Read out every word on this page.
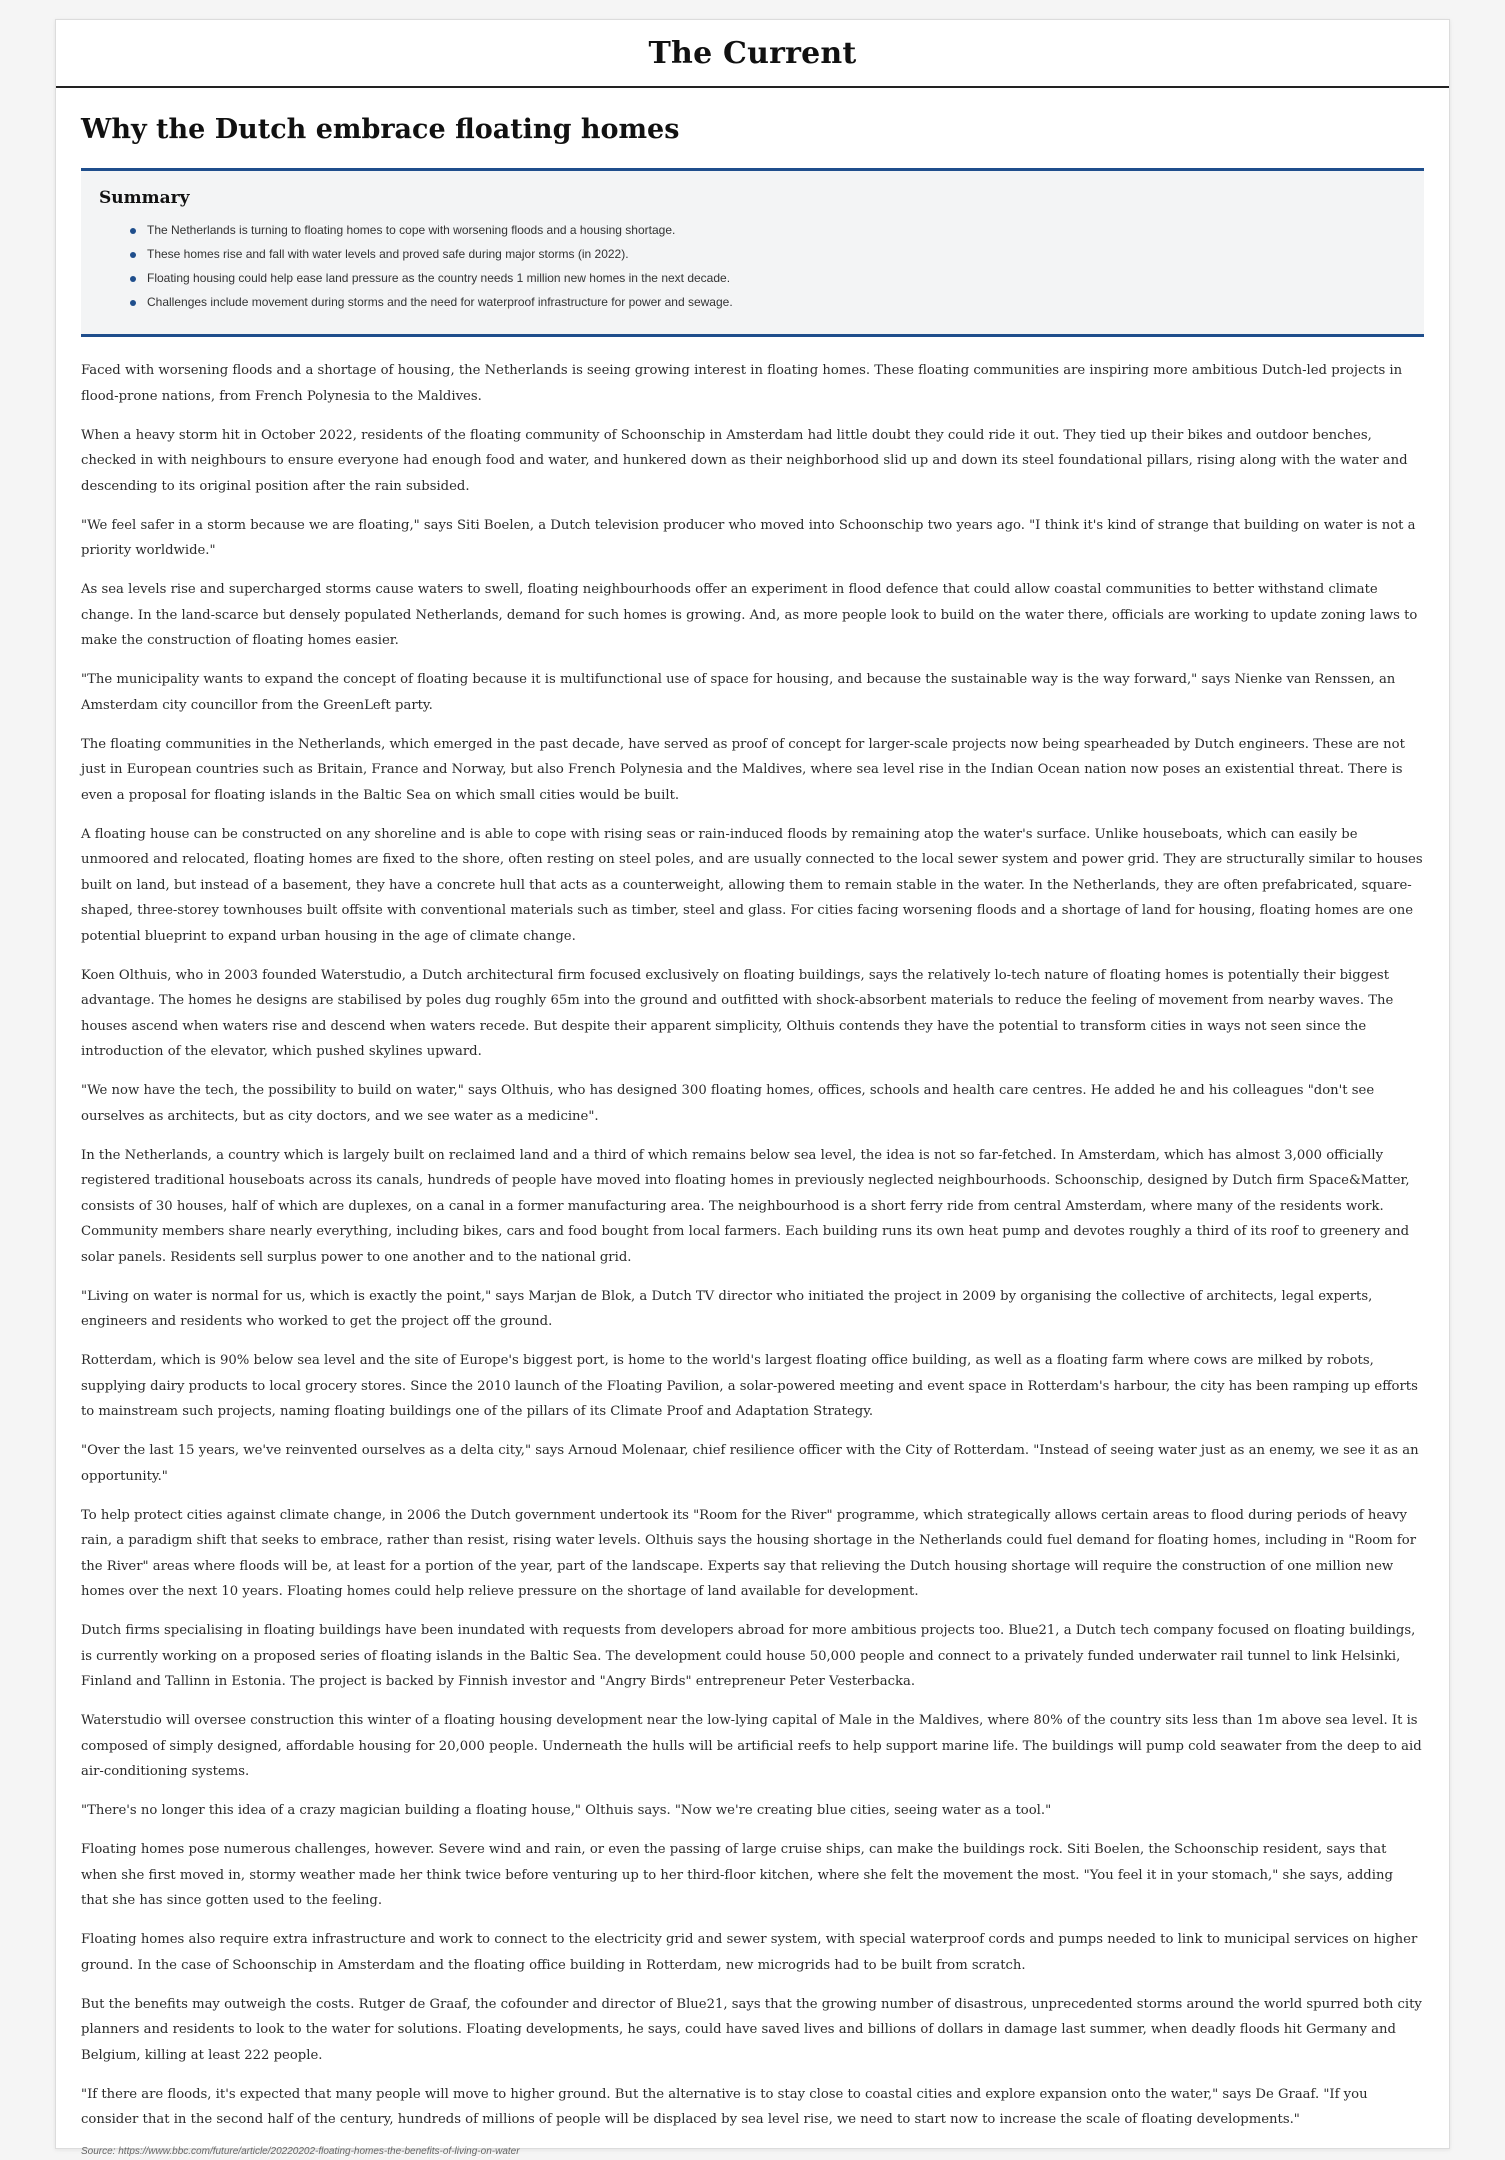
The Current
Why the Dutch embrace floating homes
Summary
The Netherlands is turning to floating homes to cope with worsening floods and a housing shortage.
These homes rise and fall with water levels and proved safe during major storms (in 2022).
Floating housing could help ease land pressure as the country needs 1 million new homes in the next decade.
Challenges include movement during storms and the need for waterproof infrastructure for power and sewage.

Faced with worsening floods and a shortage of housing, the Netherlands is seeing growing interest in floating homes. These floating communities are inspiring more ambitious Dutch-led projects in flood-prone nations, from French Polynesia to the Maldives.

When a heavy storm hit in October 2022, residents of the floating community of Schoonschip in Amsterdam had little doubt they could ride it out. They tied up their bikes and outdoor benches, checked in with neighbours to ensure everyone had enough food and water, and hunkered down as their neighborhood slid up and down its steel foundational pillars, rising along with the water and descending to its original position after the rain subsided.

"We feel safer in a storm because we are floating," says Siti Boelen, a Dutch television producer who moved into Schoonschip two years ago. "I think it's kind of strange that building on water is not a priority worldwide."

As sea levels rise and supercharged storms cause waters to swell, floating neighbourhoods offer an experiment in flood defence that could allow coastal communities to better withstand climate change. In the land-scarce but densely populated Netherlands, demand for such homes is growing. And, as more people look to build on the water there, officials are working to update zoning laws to make the construction of floating homes easier.

"The municipality wants to expand the concept of floating because it is multifunctional use of space for housing, and because the sustainable way is the way forward," says Nienke van Renssen, an Amsterdam city councillor from the GreenLeft party.

The floating communities in the Netherlands, which emerged in the past decade, have served as proof of concept for larger-scale projects now being spearheaded by Dutch engineers. These are not just in European countries such as Britain, France and Norway, but also French Polynesia and the Maldives, where sea level rise in the Indian Ocean nation now poses an existential threat. There is even a proposal for floating islands in the Baltic Sea on which small cities would be built.

A floating house can be constructed on any shoreline and is able to cope with rising seas or rain-induced floods by remaining atop the water's surface. Unlike houseboats, which can easily be unmoored and relocated, floating homes are fixed to the shore, often resting on steel poles, and are usually connected to the local sewer system and power grid. They are structurally similar to houses built on land, but instead of a basement, they have a concrete hull that acts as a counterweight, allowing them to remain stable in the water. In the Netherlands, they are often prefabricated, square-shaped, three-storey townhouses built offsite with conventional materials such as timber, steel and glass. For cities facing worsening floods and a shortage of land for housing, floating homes are one potential blueprint to expand urban housing in the age of climate change.

Koen Olthuis, who in 2003 founded Waterstudio, a Dutch architectural firm focused exclusively on floating buildings, says the relatively lo-tech nature of floating homes is potentially their biggest advantage. The homes he designs are stabilised by poles dug roughly 65m into the ground and outfitted with shock-absorbent materials to reduce the feeling of movement from nearby waves. The houses ascend when waters rise and descend when waters recede. But despite their apparent simplicity, Olthuis contends they have the potential to transform cities in ways not seen since the introduction of the elevator, which pushed skylines upward.

"We now have the tech, the possibility to build on water," says Olthuis, who has designed 300 floating homes, offices, schools and health care centres. He added he and his colleagues "don't see ourselves as architects, but as city doctors, and we see water as a medicine".

In the Netherlands, a country which is largely built on reclaimed land and a third of which remains below sea level, the idea is not so far-fetched. In Amsterdam, which has almost 3,000 officially registered traditional houseboats across its canals, hundreds of people have moved into floating homes in previously neglected neighbourhoods. Schoonschip, designed by Dutch firm Space&Matter, consists of 30 houses, half of which are duplexes, on a canal in a former manufacturing area. The neighbourhood is a short ferry ride from central Amsterdam, where many of the residents work. Community members share nearly everything, including bikes, cars and food bought from local farmers. Each building runs its own heat pump and devotes roughly a third of its roof to greenery and solar panels. Residents sell surplus power to one another and to the national grid.

"Living on water is normal for us, which is exactly the point," says Marjan de Blok, a Dutch TV director who initiated the project in 2009 by organising the collective of architects, legal experts, engineers and residents who worked to get the project off the ground.

Rotterdam, which is 90% below sea level and the site of Europe's biggest port, is home to the world's largest floating office building, as well as a floating farm where cows are milked by robots, supplying dairy products to local grocery stores. Since the 2010 launch of the Floating Pavilion, a solar-powered meeting and event space in Rotterdam's harbour, the city has been ramping up efforts to mainstream such projects, naming floating buildings one of the pillars of its Climate Proof and Adaptation Strategy.

"Over the last 15 years, we've reinvented ourselves as a delta city," says Arnoud Molenaar, chief resilience officer with the City of Rotterdam. "Instead of seeing water just as an enemy, we see it as an opportunity."

To help protect cities against climate change, in 2006 the Dutch government undertook its "Room for the River" programme, which strategically allows certain areas to flood during periods of heavy rain, a paradigm shift that seeks to embrace, rather than resist, rising water levels. Olthuis says the housing shortage in the Netherlands could fuel demand for floating homes, including in "Room for the River" areas where floods will be, at least for a portion of the year, part of the landscape. Experts say that relieving the Dutch housing shortage will require the construction of one million new homes over the next 10 years. Floating homes could help relieve pressure on the shortage of land available for development.

Dutch firms specialising in floating buildings have been inundated with requests from developers abroad for more ambitious projects too. Blue21, a Dutch tech company focused on floating buildings, is currently working on a proposed series of floating islands in the Baltic Sea. The development could house 50,000 people and connect to a privately funded underwater rail tunnel to link Helsinki, Finland and Tallinn in Estonia. The project is backed by Finnish investor and "Angry Birds" entrepreneur Peter Vesterbacka.

Waterstudio will oversee construction this winter of a floating housing development near the low-lying capital of Male in the Maldives, where 80% of the country sits less than 1m above sea level. It is composed of simply designed, affordable housing for 20,000 people. Underneath the hulls will be artificial reefs to help support marine life. The buildings will pump cold seawater from the deep to aid air-conditioning systems.

"There's no longer this idea of a crazy magician building a floating house," Olthuis says. "Now we're creating blue cities, seeing water as a tool."

Floating homes pose numerous challenges, however. Severe wind and rain, or even the passing of large cruise ships, can make the buildings rock. Siti Boelen, the Schoonschip resident, says that when she first moved in, stormy weather made her think twice before venturing up to her third-floor kitchen, where she felt the movement the most. "You feel it in your stomach," she says, adding that she has since gotten used to the feeling.

Floating homes also require extra infrastructure and work to connect to the electricity grid and sewer system, with special waterproof cords and pumps needed to link to municipal services on higher ground. In the case of Schoonschip in Amsterdam and the floating office building in Rotterdam, new microgrids had to be built from scratch.

But the benefits may outweigh the costs. Rutger de Graaf, the cofounder and director of Blue21, says that the growing number of disastrous, unprecedented storms around the world spurred both city planners and residents to look to the water for solutions. Floating developments, he says, could have saved lives and billions of dollars in damage last summer, when deadly floods hit Germany and Belgium, killing at least 222 people.

"If there are floods, it's expected that many people will move to higher ground. But the alternative is to stay close to coastal cities and explore expansion onto the water," says De Graaf. "If you consider that in the second half of the century, hundreds of millions of people will be displaced by sea level rise, we need to start now to increase the scale of floating developments."

Source: https://www.bbc.com/future/article/20220202-floating-homes-the-benefits-of-living-on-water
